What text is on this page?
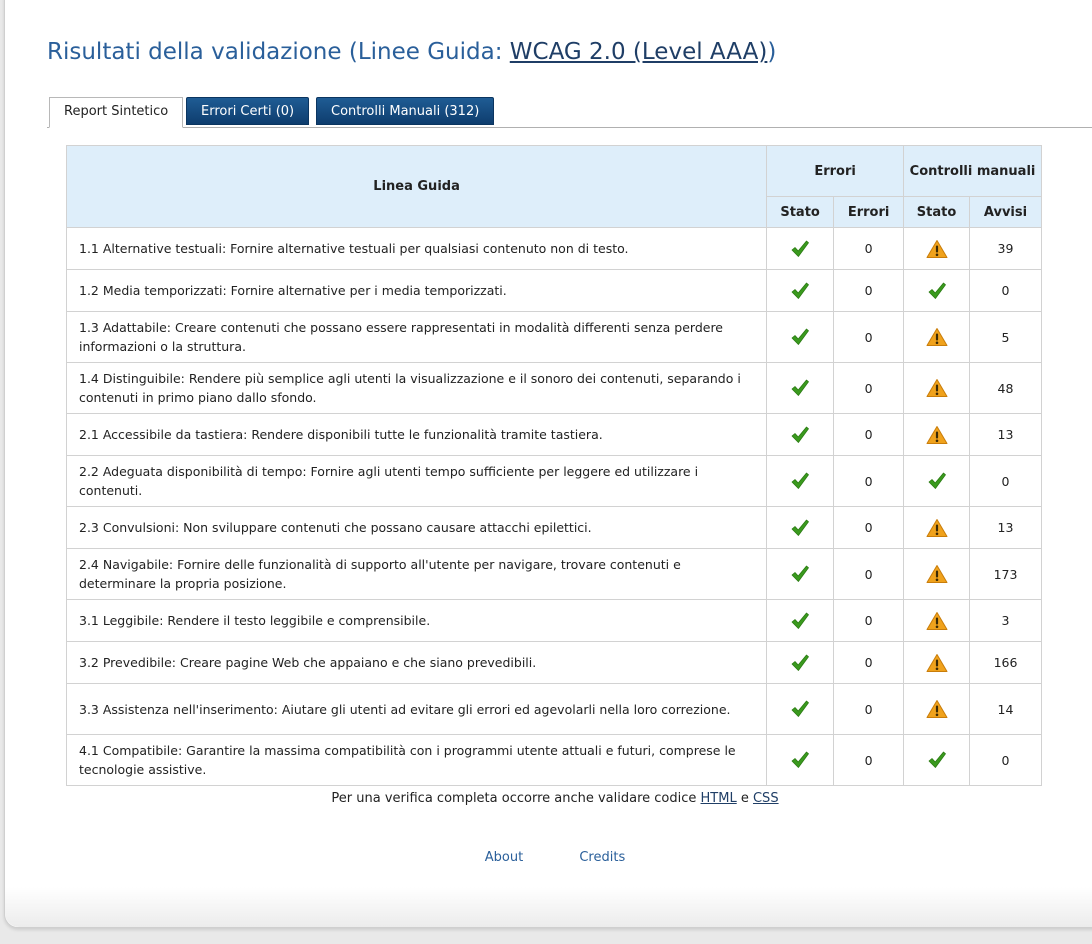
Risultati della validazione (Linee Guida: WCAG 2.0 (Level AAA))
Report Sintetico	Errori Certi (0)	Controlli Manuali (312)
Linea Guida	Errori		Controlli manuali	
	Stato	Errori	Stato	Avvisi
1.1 Alternative testuali: Fornire alternative testuali per qualsiasi contenuto non di testo.		0		39
1.2 Media temporizzati: Fornire alternative per i media temporizzati.		0		0
1.3 Adattabile: Creare contenuti che possano essere rappresentati in modalità differenti senza perdere informazioni o la struttura.		0		5
1.4 Distinguibile: Rendere più semplice agli utenti la visualizzazione e il sonoro dei contenuti, separando i contenuti in primo piano dallo sfondo.		0		48
2.1 Accessibile da tastiera: Rendere disponibili tutte le funzionalità tramite tastiera.		0		13
2.2 Adeguata disponibilità di tempo: Fornire agli utenti tempo sufficiente per leggere ed utilizzare i contenuti.		0		0
2.3 Convulsioni: Non sviluppare contenuti che possano causare attacchi epilettici.		0		13
2.4 Navigabile: Fornire delle funzionalità di supporto all'utente per navigare, trovare contenuti e determinare la propria posizione.		0		173
3.1 Leggibile: Rendere il testo leggibile e comprensibile.		0		3
3.2 Prevedibile: Creare pagine Web che appaiano e che siano prevedibili.		0		166
3.3 Assistenza nell'inserimento: Aiutare gli utenti ad evitare gli errori ed agevolarli nella loro correzione.		0		14
4.1 Compatibile: Garantire la massima compatibilità con i programmi utente attuali e futuri, comprese le tecnologie assistive.		0		0
Per una verifica completa occorre anche validare codice HTML e CSS
About	Credits
